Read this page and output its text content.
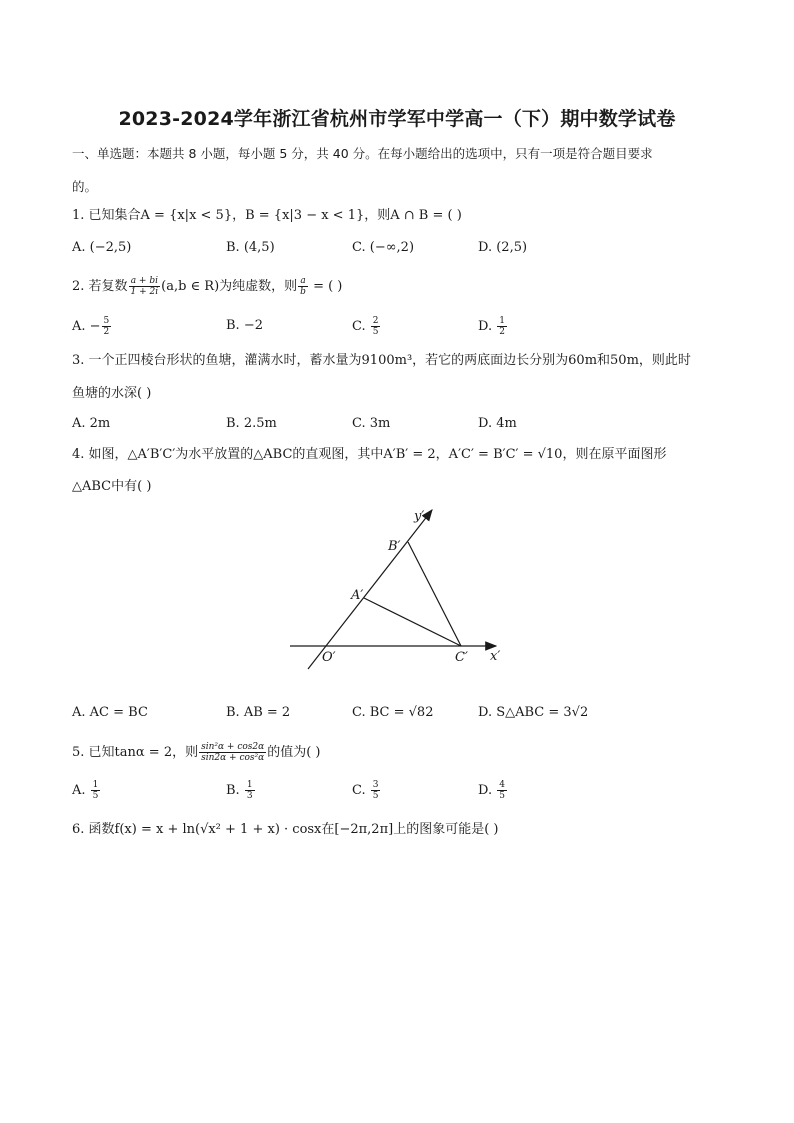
2023-2024学年浙江省杭州市学军中学高一（下）期中数学试卷
一、单选题：本题共 8 小题，每小题 5 分，共 40 分。在每小题给出的选项中，只有一项是符合题目要求
的。
1. 已知集合A = {x|x < 5}，B = {x|3 − x < 1}，则A ∩ B = ( )
A. (−2,5)	B. (4,5)	C. (−∞,2)	D. (2,5)
2. 若复数 $\frac{a + bi}{1 + 2i} (a,b$ ∈ R)为纯虚数，则 $\frac{a}{b}$ = ( )
A. − $\frac{5}{2}$	B. −2	C. $\frac{2}{5}$	D. $\frac{1}{2}$
3. 一个正四棱台形状的鱼塘，灌满水时，蓄水量为9100m³，若它的两底面边长分别为60m和50m，则此时
鱼塘的水深( )
A. 2m	B. 2.5m	C. 3m	D. 4m
4. 如图，△A′B′C′为水平放置的△ABC的直观图，其中A′B′ = 2，A′C′ = B′C′ = √10，则在原平面图形
△ABC中有( )
y′
x′
O′
A′
B′
C′
A. AC = BC	B. AB = 2	C. BC = √82	D. S△ABC = 3√2
5. 已知tanα = 2，则 $\frac{\text{sin²α + cos2α}}{\text{sin2α + cos²α}}$ 的值为( )
A. $\frac{1}{5}$	B. $\frac{1}{3}$	C. $\frac{3}{5}$	D. $\frac{4}{5}$
6. 函数f(x) = x + ln(√x² + 1 + x) · cosx在[−2π,2π]上的图象可能是( )
